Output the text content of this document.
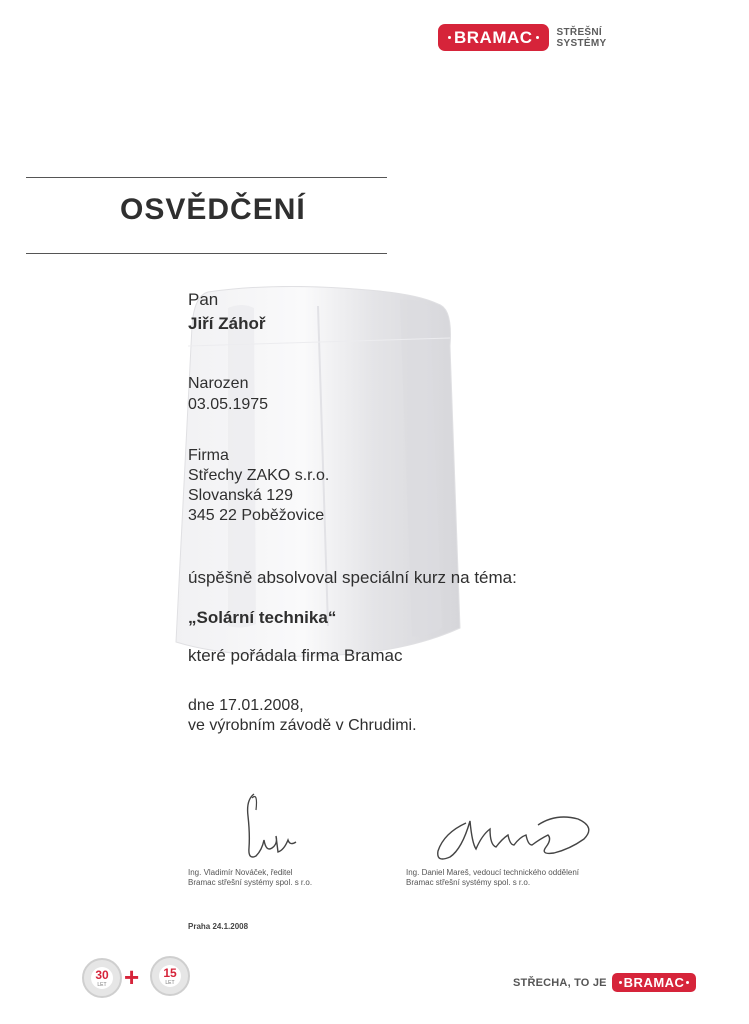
BRAMAC STŘEŠNÍ
SYSTÉMY
OSVĚDČENÍ
Pan
Jiří Záhoř
Narozen
03.05.1975
Firma
Střechy ZAKO s.r.o.
Slovanská 129
345 22 Poběžovice
úspěšně absolvoval speciální kurz na téma:
„Solární technika“
které pořádala firma Bramac
dne 17.01.2008,
ve výrobním závodě v Chrudimi.
Ing. Vladimír Nováček, ředitel
Bramac střešní systémy spol. s r.o.
Ing. Daniel Mareš, vedoucí technického oddělení
Bramac střešní systémy spol. s r.o.
Praha 24.1.2008
30
LET +	15
LET	STŘECHA, TO JE BRAMAC
